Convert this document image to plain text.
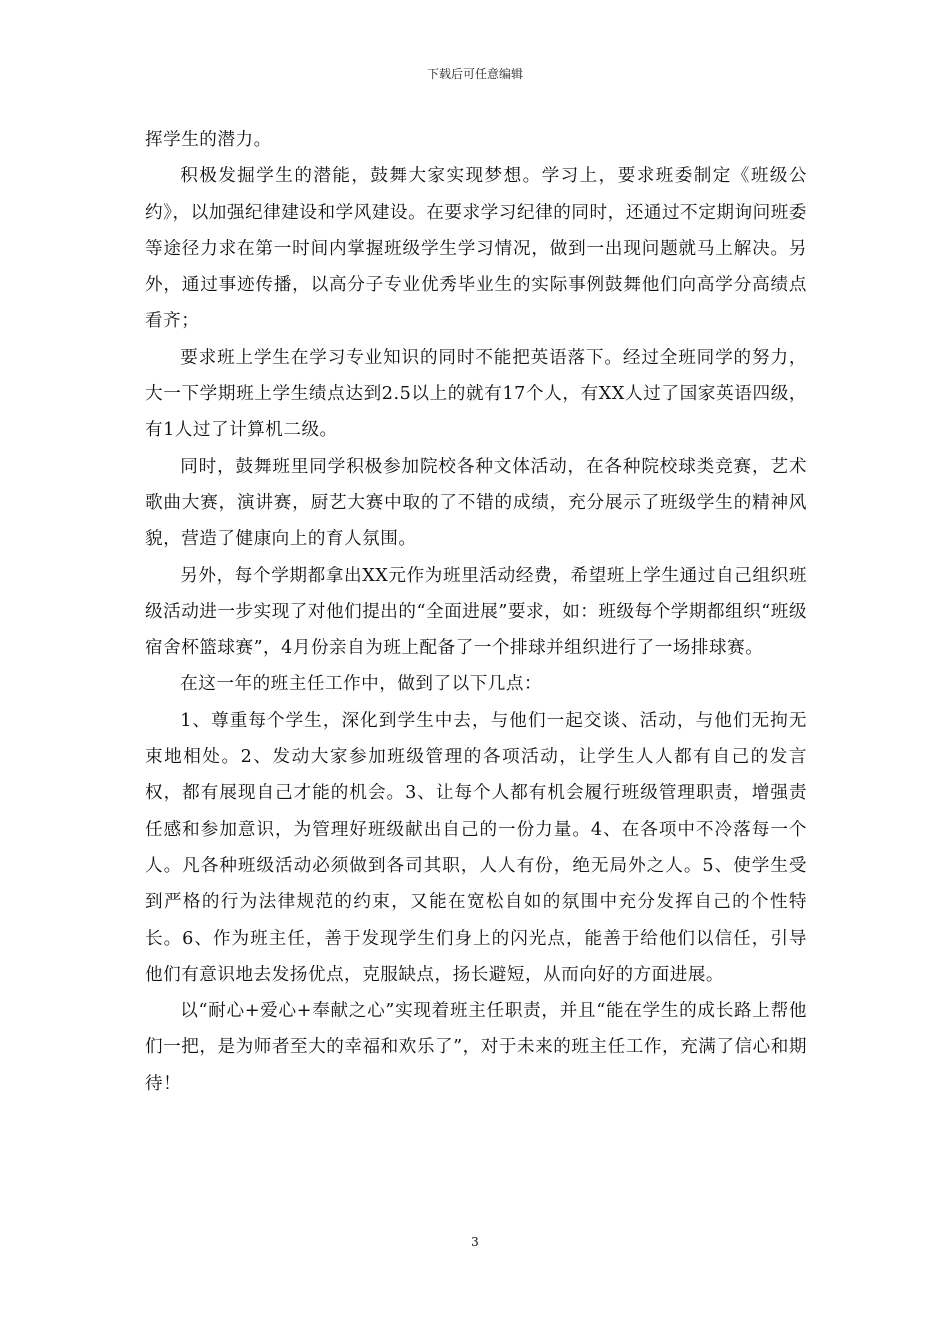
下载后可任意编辑

挥学生的潜力。

积极发掘学生的潜能，鼓舞大家实现梦想。学习上，要求班委制定《班级公约》，以加强纪律建设和学风建设。在要求学习纪律的同时，还通过不定期询问班委等途径力求在第一时间内掌握班级学生学习情况，做到一出现问题就马上解决。另外，通过事迹传播，以高分子专业优秀毕业生的实际事例鼓舞他们向高学分高绩点看齐；

要求班上学生在学习专业知识的同时不能把英语落下。经过全班同学的努力，大一下学期班上学生绩点达到2.5以上的就有17个人，有XX人过了国家英语四级，有1人过了计算机二级。

同时，鼓舞班里同学积极参加院校各种文体活动，在各种院校球类竞赛，艺术歌曲大赛，演讲赛，厨艺大赛中取的了不错的成绩，充分展示了班级学生的精神风貌，营造了健康向上的育人氛围。

另外，每个学期都拿出XX元作为班里活动经费，希望班上学生通过自己组织班级活动进一步实现了对他们提出的“全面进展”要求，如：班级每个学期都组织“班级宿舍杯篮球赛”，4月份亲自为班上配备了一个排球并组织进行了一场排球赛。

在这一年的班主任工作中，做到了以下几点：

1、尊重每个学生，深化到学生中去，与他们一起交谈、活动，与他们无拘无束地相处。2、发动大家参加班级管理的各项活动，让学生人人都有自己的发言权，都有展现自己才能的机会。3、让每个人都有机会履行班级管理职责，增强责任感和参加意识，为管理好班级献出自己的一份力量。4、在各项中不冷落每一个人。凡各种班级活动必须做到各司其职，人人有份，绝无局外之人。5、使学生受到严格的行为法律规范的约束，又能在宽松自如的氛围中充分发挥自己的个性特长。6、作为班主任，善于发现学生们身上的闪光点，能善于给他们以信任，引导他们有意识地去发扬优点，克服缺点，扬长避短，从而向好的方面进展。

以“耐心+爱心+奉献之心”实现着班主任职责，并且“能在学生的成长路上帮他们一把，是为师者至大的幸福和欢乐了”，对于未来的班主任工作，充满了信心和期待！

3
